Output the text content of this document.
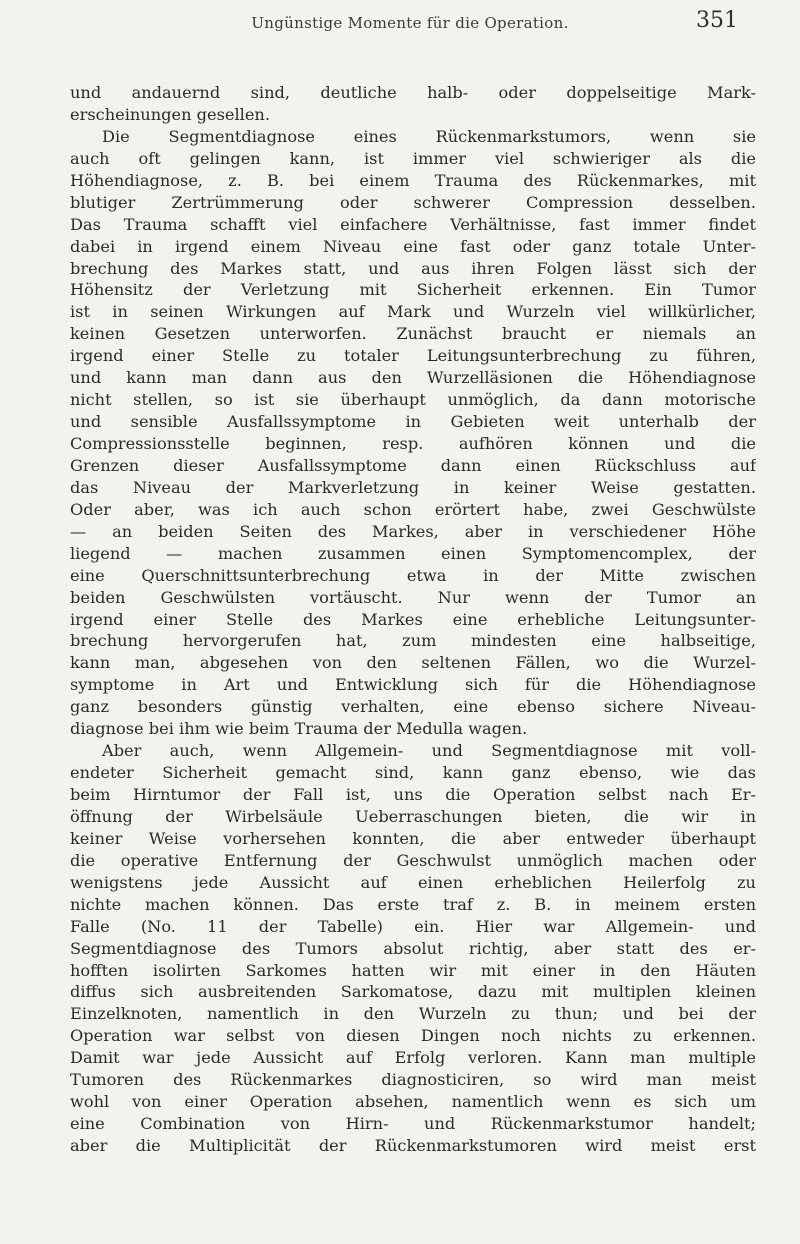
Ungünstige Momente für die Operation.	351
und andauernd sind, deutliche halb- oder doppelseitige Mark-
erscheinungen gesellen.
Die Segmentdiagnose eines Rückenmarkstumors, wenn sie
auch oft gelingen kann, ist immer viel schwieriger als die
Höhendiagnose, z. B. bei einem Trauma des Rückenmarkes, mit
blutiger Zertrümmerung oder schwerer Compression desselben.
Das Trauma schafft viel einfachere Verhältnisse, fast immer findet
dabei in irgend einem Niveau eine fast oder ganz totale Unter-
brechung des Markes statt, und aus ihren Folgen lässt sich der
Höhensitz der Verletzung mit Sicherheit erkennen. Ein Tumor
ist in seinen Wirkungen auf Mark und Wurzeln viel willkürlicher,
keinen Gesetzen unterworfen. Zunächst braucht er niemals an
irgend einer Stelle zu totaler Leitungsunterbrechung zu führen,
und kann man dann aus den Wurzelläsionen die Höhendiagnose
nicht stellen, so ist sie überhaupt unmöglich, da dann motorische
und sensible Ausfallssymptome in Gebieten weit unterhalb der
Compressionsstelle beginnen, resp. aufhören können und die
Grenzen dieser Ausfallssymptome dann einen Rückschluss auf
das Niveau der Markverletzung in keiner Weise gestatten.
Oder aber, was ich auch schon erörtert habe, zwei Geschwülste
— an beiden Seiten des Markes, aber in verschiedener Höhe
liegend — machen zusammen einen Symptomencomplex, der
eine Querschnittsunterbrechung etwa in der Mitte zwischen
beiden Geschwülsten vortäuscht. Nur wenn der Tumor an
irgend einer Stelle des Markes eine erhebliche Leitungsunter-
brechung hervorgerufen hat, zum mindesten eine halbseitige,
kann man, abgesehen von den seltenen Fällen, wo die Wurzel-
symptome in Art und Entwicklung sich für die Höhendiagnose
ganz besonders günstig verhalten, eine ebenso sichere Niveau-
diagnose bei ihm wie beim Trauma der Medulla wagen.
Aber auch, wenn Allgemein- und Segmentdiagnose mit voll-
endeter Sicherheit gemacht sind, kann ganz ebenso, wie das
beim Hirntumor der Fall ist, uns die Operation selbst nach Er-
öffnung der Wirbelsäule Ueberraschungen bieten, die wir in
keiner Weise vorhersehen konnten, die aber entweder überhaupt
die operative Entfernung der Geschwulst unmöglich machen oder
wenigstens jede Aussicht auf einen erheblichen Heilerfolg zu
nichte machen können. Das erste traf z. B. in meinem ersten
Falle (No. 11 der Tabelle) ein. Hier war Allgemein- und
Segmentdiagnose des Tumors absolut richtig, aber statt des er-
hofften isolirten Sarkomes hatten wir mit einer in den Häuten
diffus sich ausbreitenden Sarkomatose, dazu mit multiplen kleinen
Einzelknoten, namentlich in den Wurzeln zu thun; und bei der
Operation war selbst von diesen Dingen noch nichts zu erkennen.
Damit war jede Aussicht auf Erfolg verloren. Kann man multiple
Tumoren des Rückenmarkes diagnosticiren, so wird man meist
wohl von einer Operation absehen, namentlich wenn es sich um
eine Combination von Hirn- und Rückenmarkstumor handelt;
aber die Multiplicität der Rückenmarkstumoren wird meist erst
